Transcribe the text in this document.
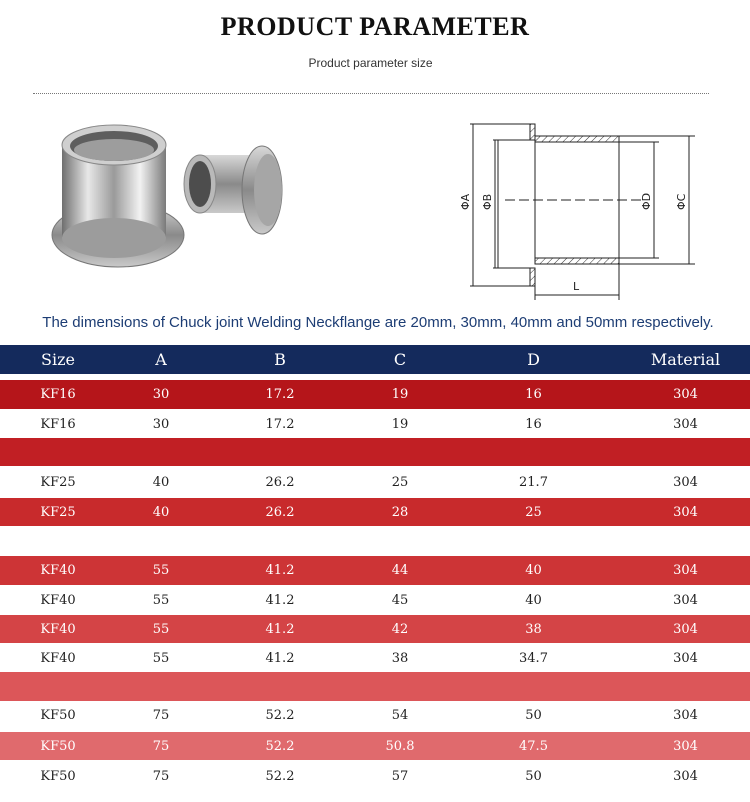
PRODUCT PARAMETER
Product parameter size
ΦA ΦB	ΦD ΦC
L
The dimensions of Chuck joint Welding Neckflange are 20mm, 30mm, 40mm and 50mm respectively.
Size	A	B	C	D	Material
KF16	30	17.2	19	16	304
KF16	30	17.2	19	16	304
KF25	40	26.2	25	21.7	304
KF25	40	26.2	28	25	304
KF40	55	41.2	44	40	304
KF40	55	41.2	45	40	304
KF40	55	41.2	42	38	304
KF40	55	41.2	38	34.7	304
KF50	75	52.2	54	50	304
KF50	75	52.2	50.8	47.5	304
KF50	75	52.2	57	50	304
